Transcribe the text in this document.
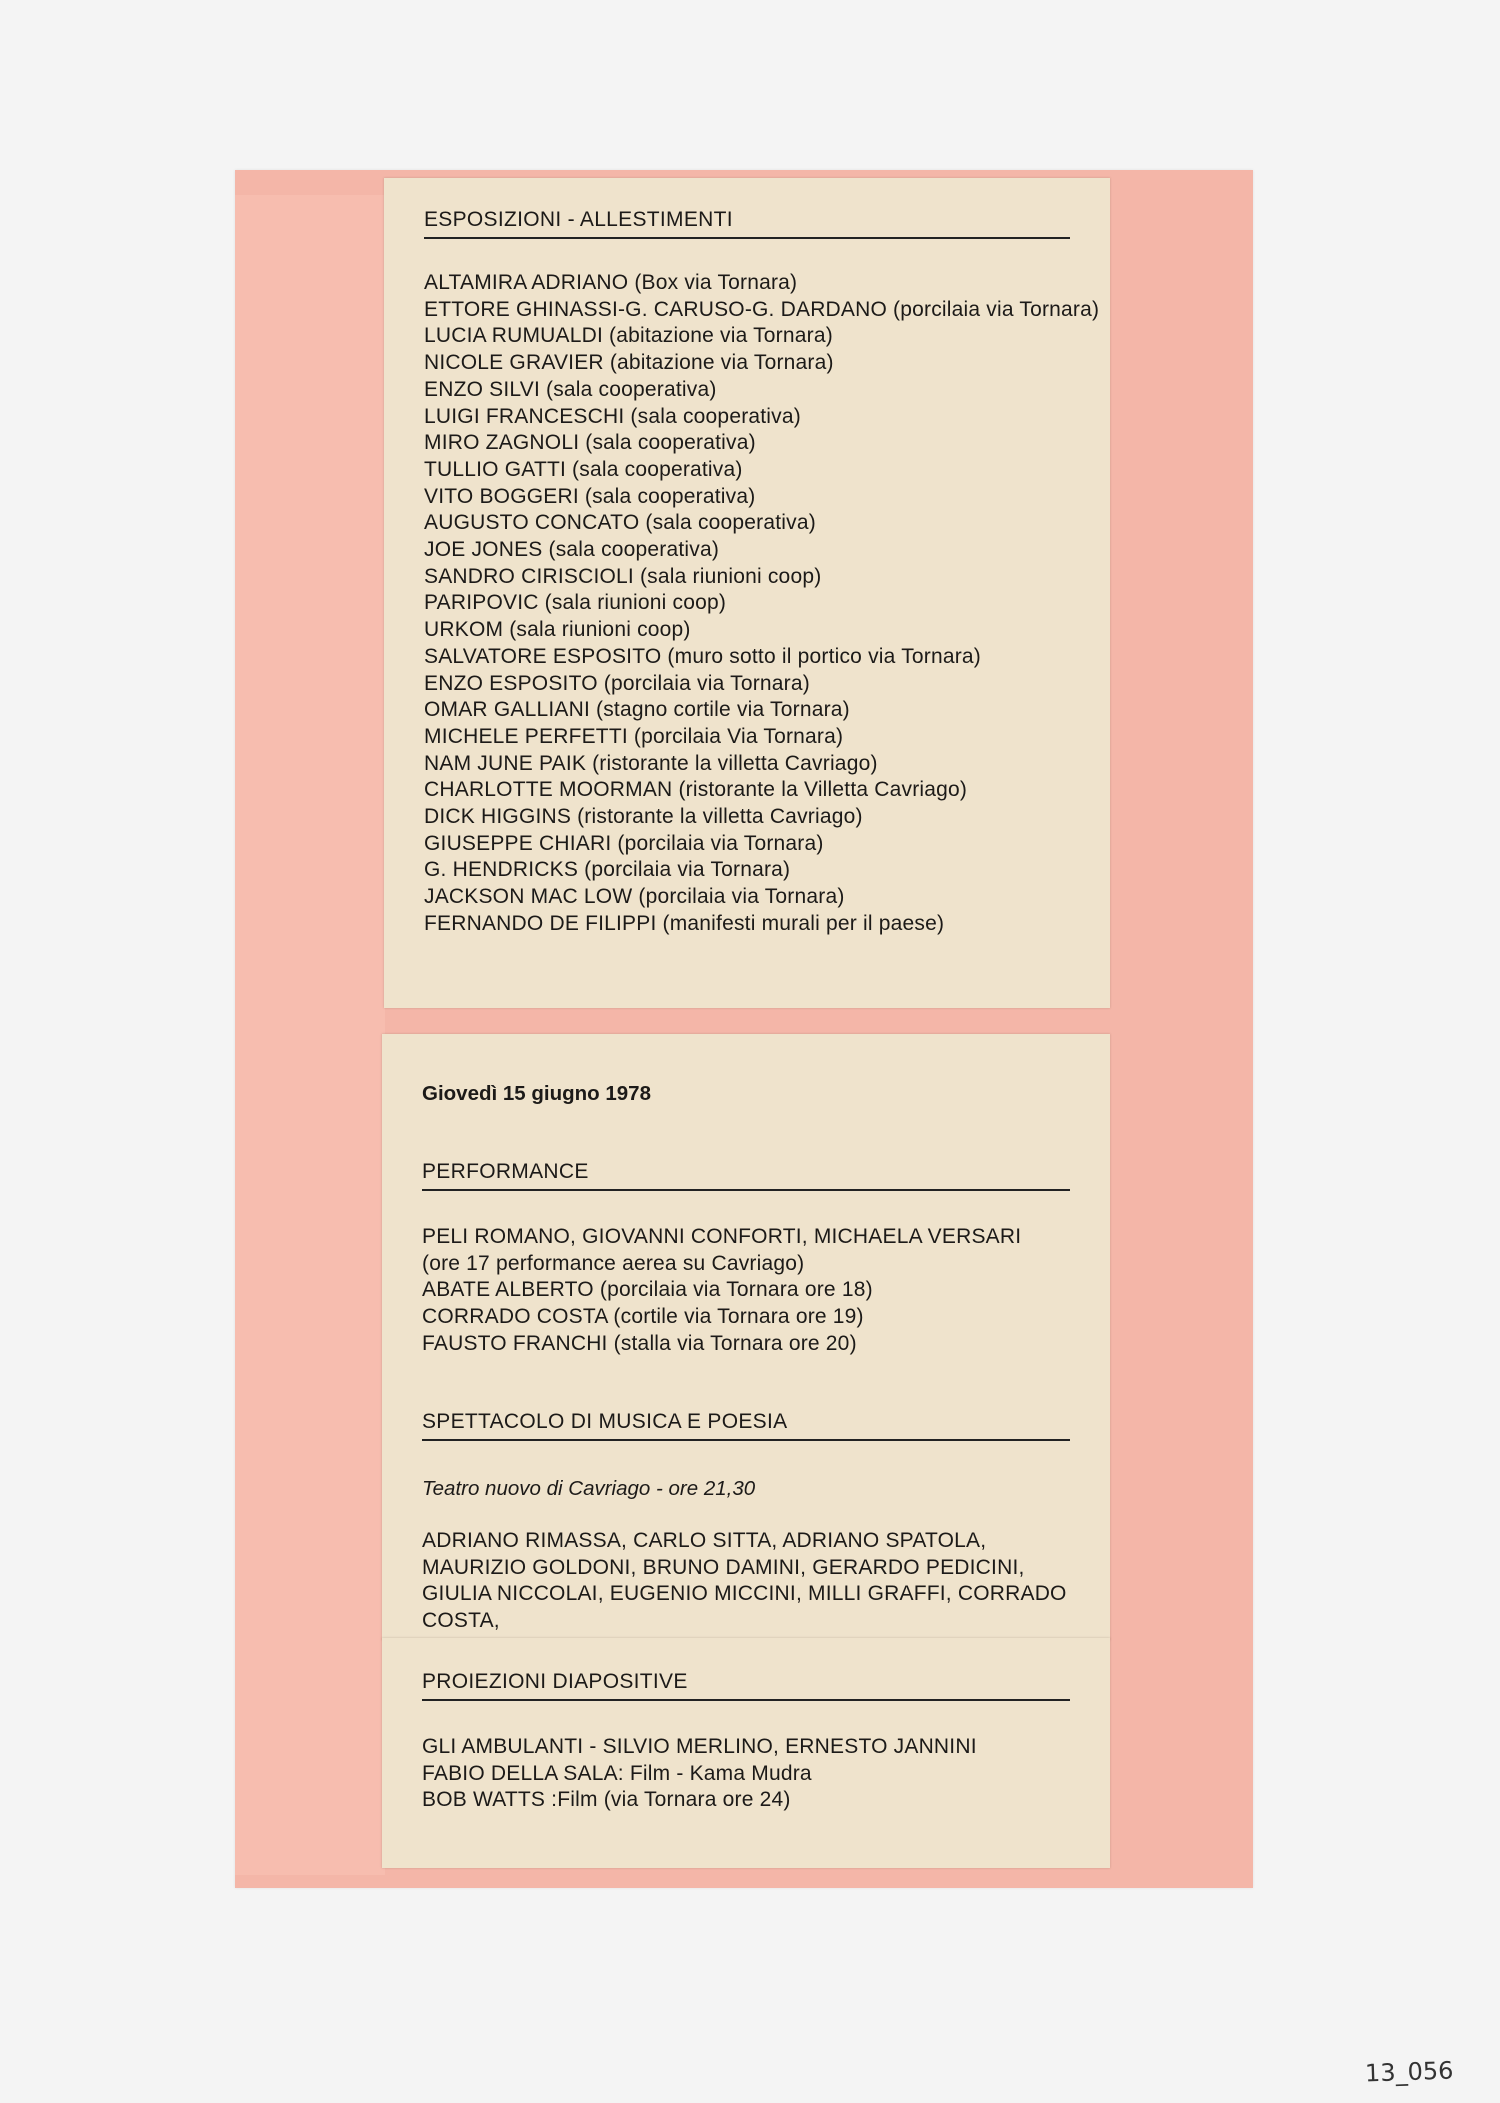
ESPOSIZIONI - ALLESTIMENTI
ALTAMIRA ADRIANO (Box via Tornara)
ETTORE GHINASSI-G. CARUSO-G. DARDANO (porcilaia via Tornara)
LUCIA RUMUALDI (abitazione via Tornara)
NICOLE GRAVIER (abitazione via Tornara)
ENZO SILVI (sala cooperativa)
LUIGI FRANCESCHI (sala cooperativa)
MIRO ZAGNOLI (sala cooperativa)
TULLIO GATTI (sala cooperativa)
VITO BOGGERI (sala cooperativa)
AUGUSTO CONCATO (sala cooperativa)
JOE JONES (sala cooperativa)
SANDRO CIRISCIOLI (sala riunioni coop)
PARIPOVIC (sala riunioni coop)
URKOM (sala riunioni coop)
SALVATORE ESPOSITO (muro sotto il portico via Tornara)
ENZO ESPOSITO (porcilaia via Tornara)
OMAR GALLIANI (stagno cortile via Tornara)
MICHELE PERFETTI (porcilaia Via Tornara)
NAM JUNE PAIK (ristorante la villetta Cavriago)
CHARLOTTE MOORMAN (ristorante la Villetta Cavriago)
DICK HIGGINS (ristorante la villetta Cavriago)
GIUSEPPE CHIARI (porcilaia via Tornara)
G. HENDRICKS (porcilaia via Tornara)
JACKSON MAC LOW (porcilaia via Tornara)
FERNANDO DE FILIPPI (manifesti murali per il paese)
Giovedì 15 giugno 1978
PERFORMANCE
PELI ROMANO, GIOVANNI CONFORTI, MICHAELA VERSARI (ore 17 performance aerea su Cavriago)
ABATE ALBERTO (porcilaia via Tornara ore 18)
CORRADO COSTA (cortile via Tornara ore 19)
FAUSTO FRANCHI (stalla via Tornara ore 20)
SPETTACOLO DI MUSICA E POESIA
Teatro nuovo di Cavriago - ore 21,30
ADRIANO RIMASSA, CARLO SITTA, ADRIANO SPATOLA, MAURIZIO GOLDONI, BRUNO DAMINI, GERARDO PEDICINI, GIULIA NICCOLAI, EUGENIO MICCINI, MILLI GRAFFI, CORRADO COSTA,
PROIEZIONI DIAPOSITIVE
GLI AMBULANTI - SILVIO MERLINO, ERNESTO JANNINI
FABIO DELLA SALA: Film - Kama Mudra
BOB WATTS :Film (via Tornara ore 24)
13_056
